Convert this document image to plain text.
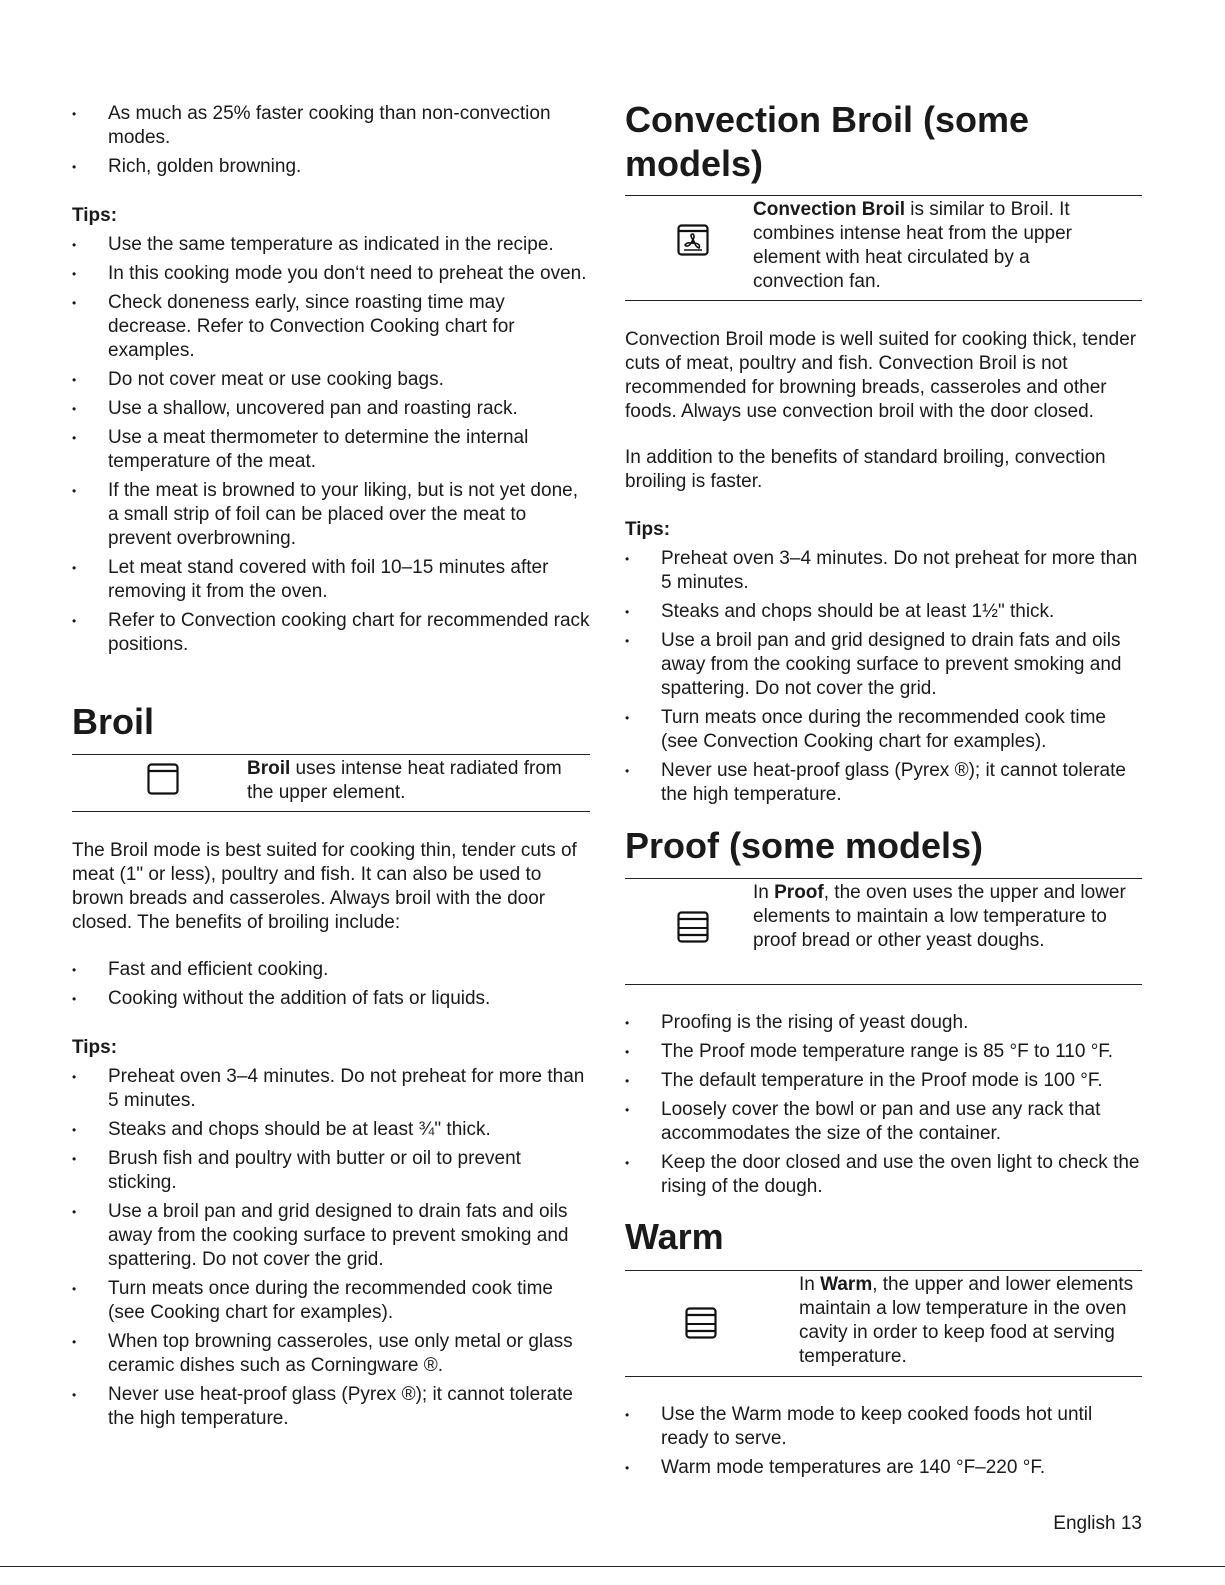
• As much as 25% faster cooking than non-convection modes.
• Rich, golden browning.
Tips:
• Use the same temperature as indicated in the recipe.
• In this cooking mode you don‘t need to preheat the oven.
• Check doneness early, since roasting time may decrease. Refer to Convection Cooking chart for examples.
• Do not cover meat or use cooking bags.
• Use a shallow, uncovered pan and roasting rack.
• Use a meat thermometer to determine the internal temperature of the meat.
• If the meat is browned to your liking, but is not yet done, a small strip of foil can be placed over the meat to prevent overbrowning.
• Let meat stand covered with foil 10–15 minutes after removing it from the oven.
• Refer to Convection cooking chart for recommended rack positions.
Broil
Broil uses intense heat radiated from the upper element.

The Broil mode is best suited for cooking thin, tender cuts of meat (1" or less), poultry and fish. It can also be used to brown breads and casseroles. Always broil with the door closed. The benefits of broiling include:

• Fast and efficient cooking.
• Cooking without the addition of fats or liquids.
Tips:
• Preheat oven 3–4 minutes. Do not preheat for more than 5 minutes.
• Steaks and chops should be at least ¾" thick.
• Brush fish and poultry with butter or oil to prevent sticking.
• Use a broil pan and grid designed to drain fats and oils away from the cooking surface to prevent smoking and spattering. Do not cover the grid.
• Turn meats once during the recommended cook time (see Cooking chart for examples).
• When top browning casseroles, use only metal or glass ceramic dishes such as Corningware ®.
• Never use heat-proof glass (Pyrex ®); it cannot tolerate the high temperature.
Convection Broil (some models)
Convection Broil is similar to Broil. It combines intense heat from the upper element with heat circulated by a convection fan.

Convection Broil mode is well suited for cooking thick, tender cuts of meat, poultry and fish. Convection Broil is not recommended for browning breads, casseroles and other foods. Always use convection broil with the door closed.

In addition to the benefits of standard broiling, convection broiling is faster.

Tips:
• Preheat oven 3–4 minutes. Do not preheat for more than 5 minutes.
• Steaks and chops should be at least 1½" thick.
• Use a broil pan and grid designed to drain fats and oils away from the cooking surface to prevent smoking and spattering. Do not cover the grid.
• Turn meats once during the recommended cook time (see Convection Cooking chart for examples).
• Never use heat-proof glass (Pyrex ®); it cannot tolerate the high temperature.
Proof (some models)
In Proof, the oven uses the upper and lower elements to maintain a low temperature to proof bread or other yeast doughs.
• Proofing is the rising of yeast dough.
• The Proof mode temperature range is 85 °F to 110 °F.
• The default temperature in the Proof mode is 100 °F.
• Loosely cover the bowl or pan and use any rack that accommodates the size of the container.
• Keep the door closed and use the oven light to check the rising of the dough.
Warm
In Warm, the upper and lower elements maintain a low temperature in the oven cavity in order to keep food at serving temperature.
• Use the Warm mode to keep cooked foods hot until ready to serve.
• Warm mode temperatures are 140 °F–220 °F.
English 13
